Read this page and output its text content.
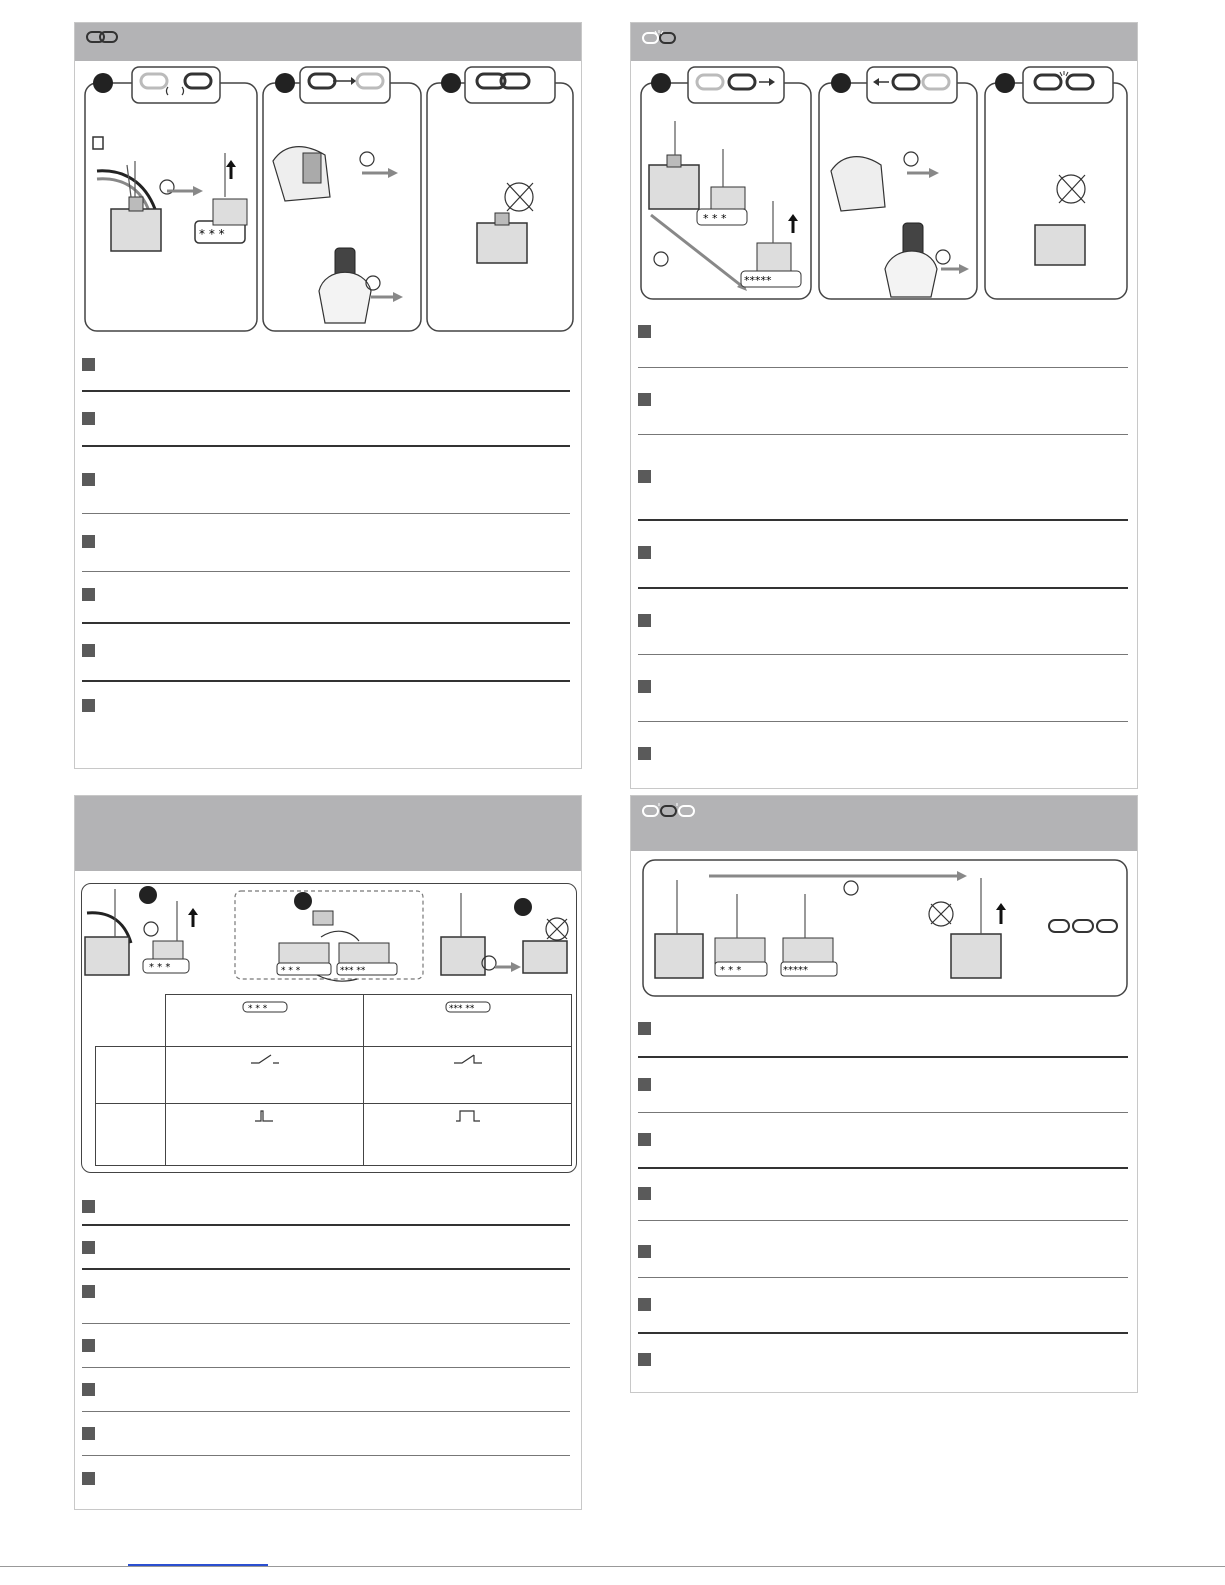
* * *
* * *
*****
* * *	* * *	*** **

* * *	*** **

* * *	*****
